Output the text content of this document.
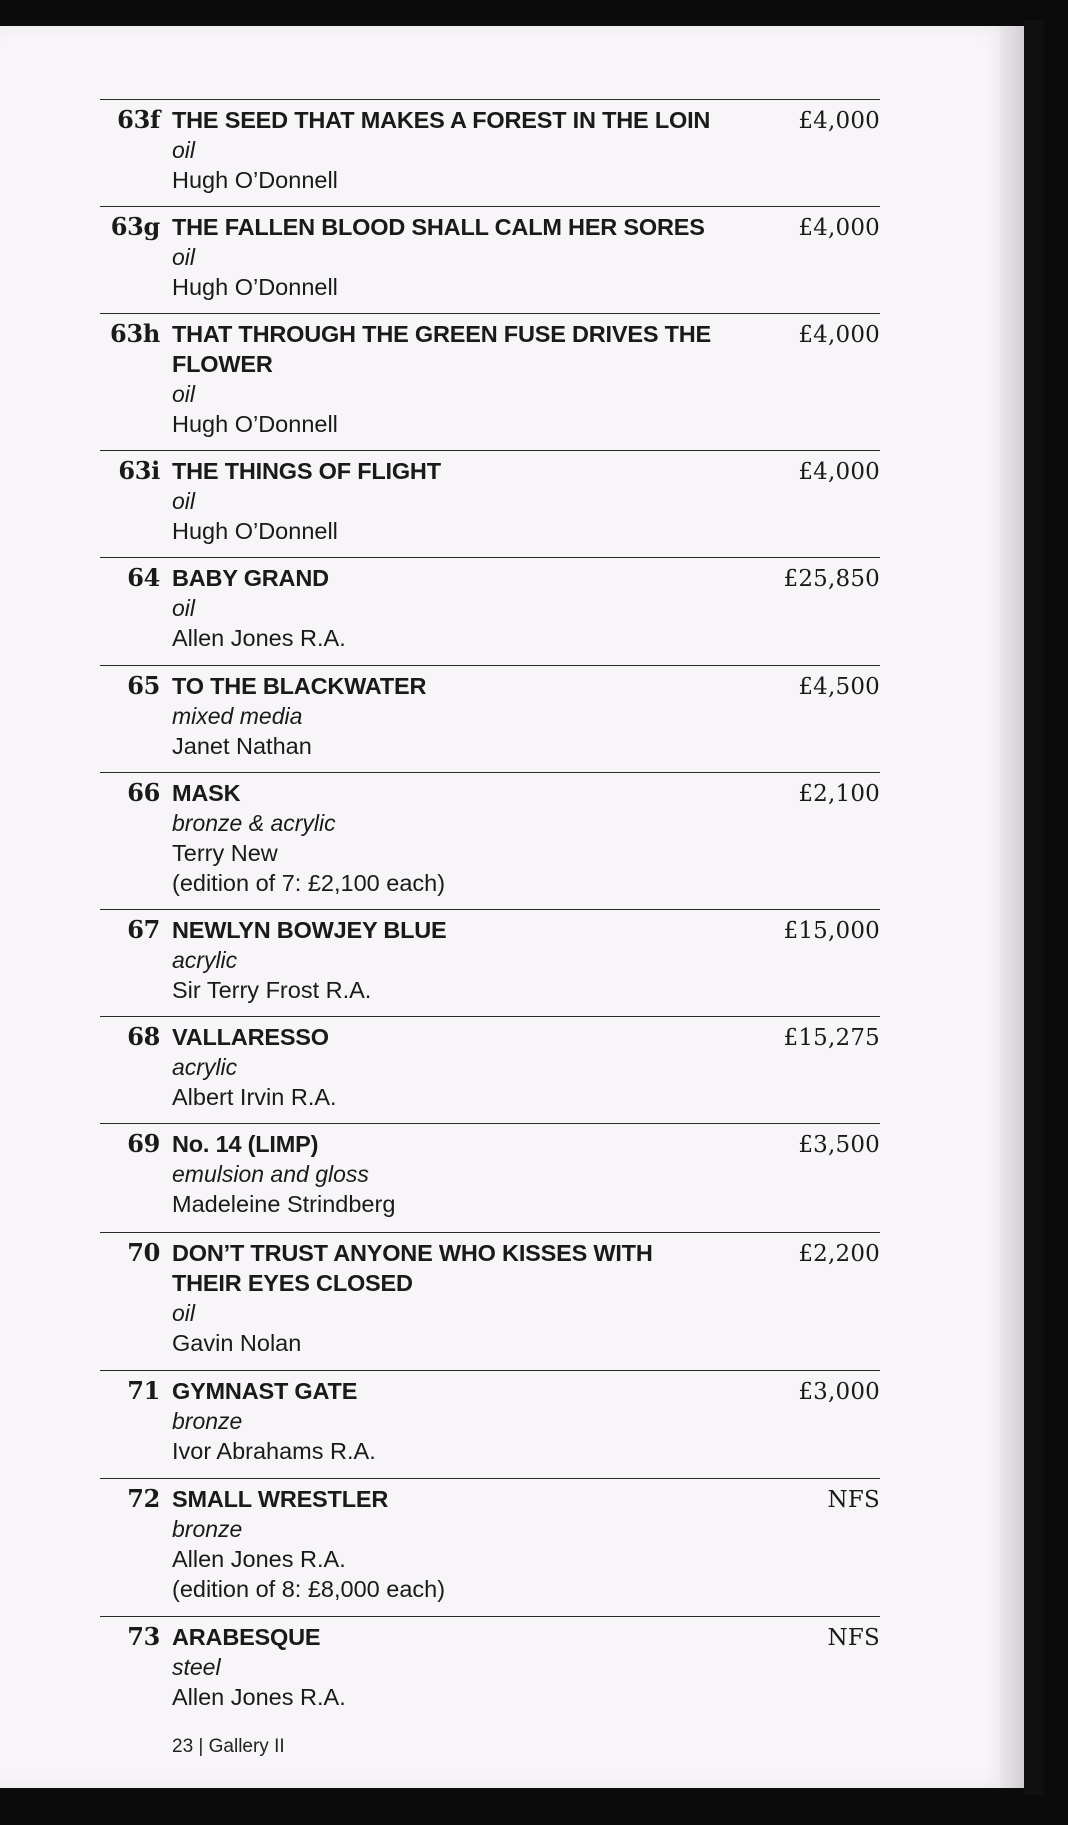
63f THE SEED THAT MAKES A FOREST IN THE LOIN
oil
Hugh O’Donnell
£4,000
63g THE FALLEN BLOOD SHALL CALM HER SORES
oil
Hugh O’Donnell
£4,000
63h THAT THROUGH THE GREEN FUSE DRIVES THE FLOWER
oil
Hugh O’Donnell
£4,000
63i THE THINGS OF FLIGHT
oil
Hugh O’Donnell
£4,000
64 BABY GRAND
oil
Allen Jones R.A.
£25,850
65 TO THE BLACKWATER
mixed media
Janet Nathan
£4,500
66 MASK
bronze & acrylic
Terry New
(edition of 7: £2,100 each)
£2,100
67 NEWLYN BOWJEY BLUE
acrylic
Sir Terry Frost R.A.
£15,000
68 VALLARESSO
acrylic
Albert Irvin R.A.
£15,275
69 No. 14 (LIMP)
emulsion and gloss
Madeleine Strindberg
£3,500
70 DON’T TRUST ANYONE WHO KISSES WITH THEIR EYES CLOSED
oil
Gavin Nolan
£2,200
71 GYMNAST GATE
bronze
Ivor Abrahams R.A.
£3,000
72 SMALL WRESTLER
bronze
Allen Jones R.A.
(edition of 8: £8,000 each)
NFS
73 ARABESQUE
steel
Allen Jones R.A.
NFS
23 | Gallery II
